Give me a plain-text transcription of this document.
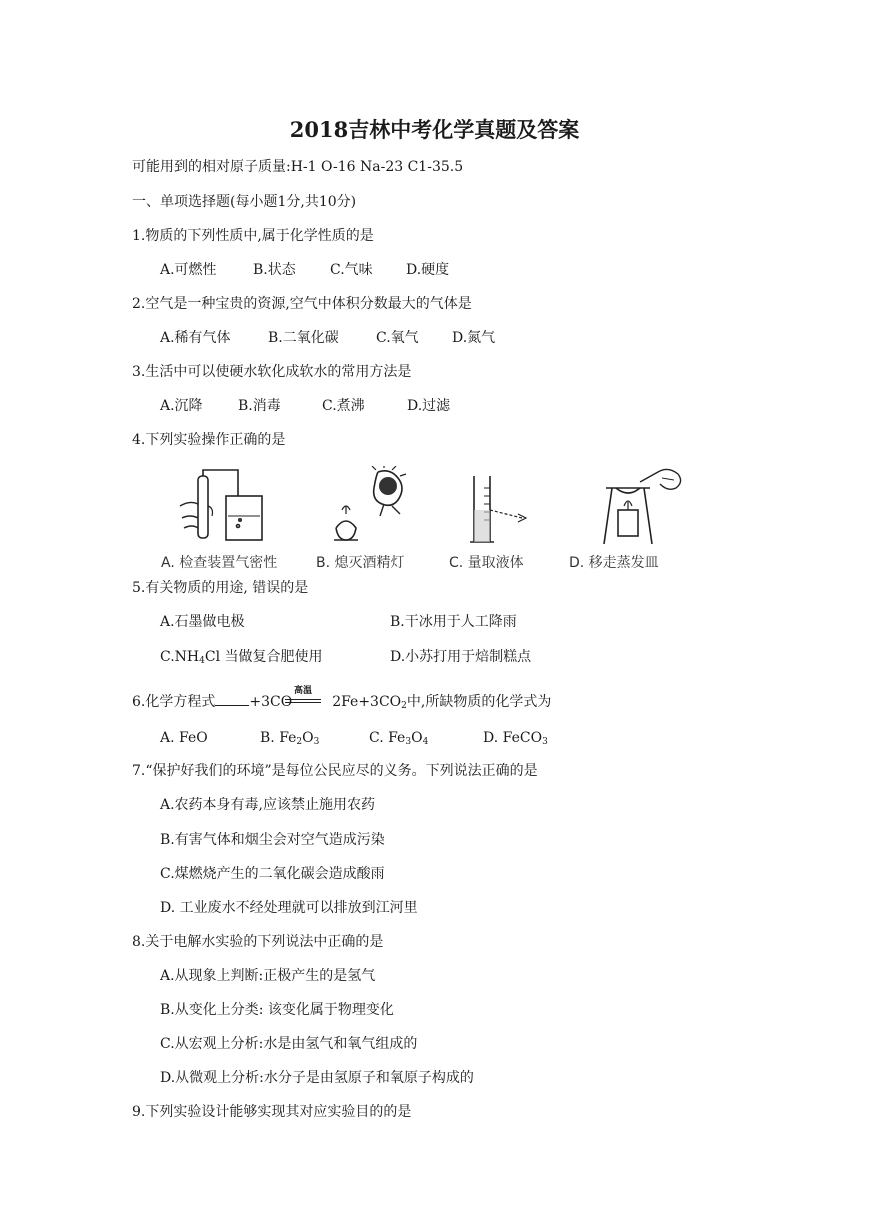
2018吉林中考化学真题及答案
可能用到的相对原子质量:H-1 O-16 Na-23 C1-35.5
一、单项选择题(每小题1分,共10分)
1.物质的下列性质中,属于化学性质的是
A.可燃性	B.状态 C.气味 D.硬度
2.空气是一种宝贵的资源,空气中体积分数最大的气体是
A.稀有气体	B.二氧化碳	C.氧气 D.氮气
3.生活中可以使硬水软化成软水的常用方法是
A.沉降	B.消毒	C.煮沸	D.过滤
4.下列实验操作正确的是
A. 检查装置气密性	B. 熄灭酒精灯	C. 量取液体	D. 移走蒸发皿
5.有关物质的用途, 错误的是
A.石墨做电极	B.干冰用于人工降雨
$C.NH_4Cl$ 当做复合肥使用	D.小苏打用于焙制糕点
6.化学方程式 +3CO	$2Fe+3CO_2$中,所缺物质的化学式为
高温
A. FeO	B. $Fe_2O_3$	C. $Fe_3O_4$	D. FeCO$_3$
7.“保护好我们的环境”是每位公民应尽的义务。下列说法正确的是
A.农药本身有毒,应该禁止施用农药
B.有害气体和烟尘会对空气造成污染
C.煤燃烧产生的二氧化碳会造成酸雨
D. 工业废水不经处理就可以排放到江河里
8.关于电解水实验的下列说法中正确的是
A.从现象上判断:正极产生的是氢气
B.从变化上分类: 该变化属于物理变化
C.从宏观上分析:水是由氢气和氧气组成的
D.从微观上分析:水分子是由氢原子和氧原子构成的
9.下列实验设计能够实现其对应实验目的的是
